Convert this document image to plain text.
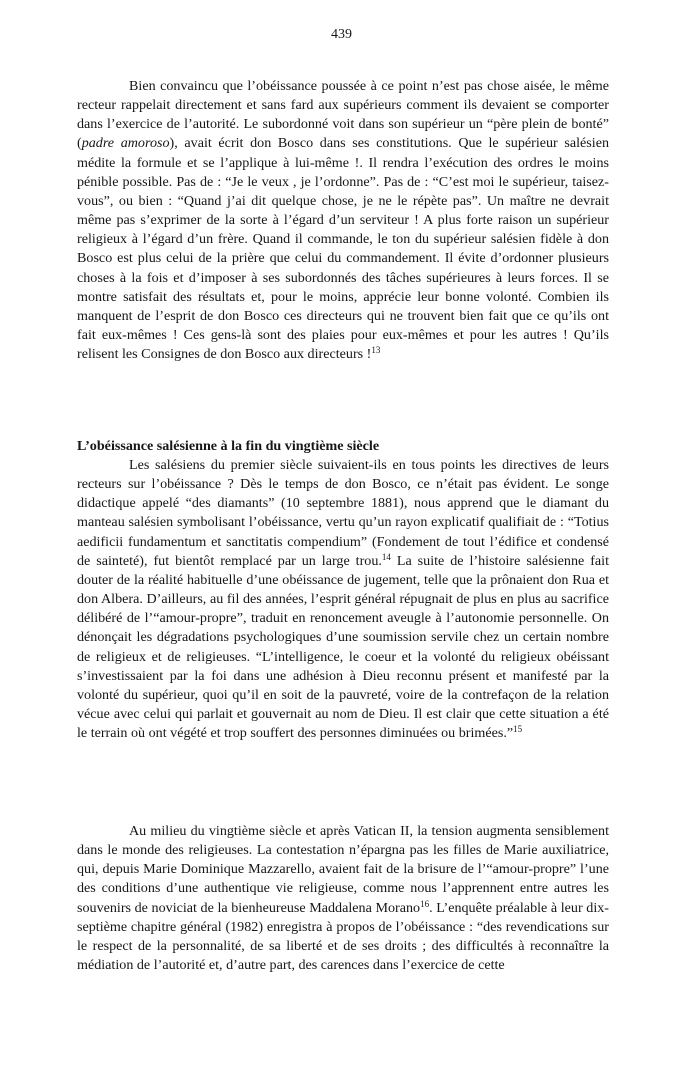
439

Bien convaincu que l’obéissance poussée à ce point n’est pas chose aisée, le même recteur rappelait directement et sans fard aux supérieurs comment ils devaient se comporter dans l’exercice de l’autorité. Le subordonné voit dans son supérieur un “père plein de bonté” (padre amoroso), avait écrit don Bosco dans ses constitutions. Que le supérieur salésien médite la formule et se l’applique à lui-même !. Il rendra l’exécution des ordres le moins pénible possible. Pas de : “Je le veux , je l’ordonne”. Pas de : “C’est moi le supérieur, taisez-vous”, ou bien : “Quand j’ai dit quelque chose, je ne le répète pas”. Un maître ne devrait même pas s’exprimer de la sorte à l’égard d’un serviteur ! A plus forte raison un supérieur religieux à l’égard d’un frère. Quand il commande, le ton du supérieur salésien fidèle à don Bosco est plus celui de la prière que celui du commandement. Il évite d’ordonner plusieurs choses à la fois et d’imposer à ses subordonnés des tâches supérieures à leurs forces. Il se montre satisfait des résultats et, pour le moins, apprécie leur bonne volonté. Combien ils manquent de l’esprit de don Bosco ces directeurs qui ne trouvent bien fait que ce qu’ils ont fait eux-mêmes ! Ces gens-là sont des plaies pour eux-mêmes et pour les autres ! Qu’ils relisent les Consignes de don Bosco aux directeurs !$^{13}$

L’obéissance salésienne à la fin du vingtième siècle

Les salésiens du premier siècle suivaient-ils en tous points les directives de leurs recteurs sur l’obéissance ? Dès le temps de don Bosco, ce n’était pas évident. Le songe didactique appelé “des diamants” (10 septembre 1881), nous apprend que le diamant du manteau salésien symbolisant l’obéissance, vertu qu’un rayon explicatif qualifiait de : “Totius aedificii fundamentum et sanctitatis compendium” (Fondement de tout l’édifice et condensé de sainteté), fut bientôt remplacé par un large trou.$^{14}$ La suite de l’histoire salésienne fait douter de la réalité habituelle d’une obéissance de jugement, telle que la prônaient don Rua et don Albera. D’ailleurs, au fil des années, l’esprit général répugnait de plus en plus au sacrifice délibéré de l’“amour-propre”, traduit en renoncement aveugle à l’autonomie personnelle. On dénonçait les dégradations psychologiques d’une soumission servile chez un certain nombre de religieux et de religieuses. “L’intelligence, le coeur et la volonté du religieux obéissant s’investissaient par la foi dans une adhésion à Dieu reconnu présent et manifesté par la volonté du supérieur, quoi qu’il en soit de la pauvreté, voire de la contrefaçon de la relation vécue avec celui qui parlait et gouvernait au nom de Dieu. Il est clair que cette situation a été le terrain où ont végété et trop souffert des personnes diminuées ou brimées.”$^{15}$

Au milieu du vingtième siècle et après Vatican II, la tension augmenta sensiblement dans le monde des religieuses. La contestation n’épargna pas les filles de Marie auxiliatrice, qui, depuis Marie Dominique Mazzarello, avaient fait de la brisure de l’“amour-propre” l’une des conditions d’une authentique vie religieuse, comme nous l’apprennent entre autres les souvenirs de noviciat de la bienheureuse Maddalena Morano$^{16}$. L’enquête préalable à leur dix-septième chapitre général (1982) enregistra à propos de l’obéissance : “des revendications sur le respect de la personnalité, de sa liberté et de ses droits ; des difficultés à reconnaître la médiation de l’autorité et, d’autre part, des carences dans l’exercice de cette
